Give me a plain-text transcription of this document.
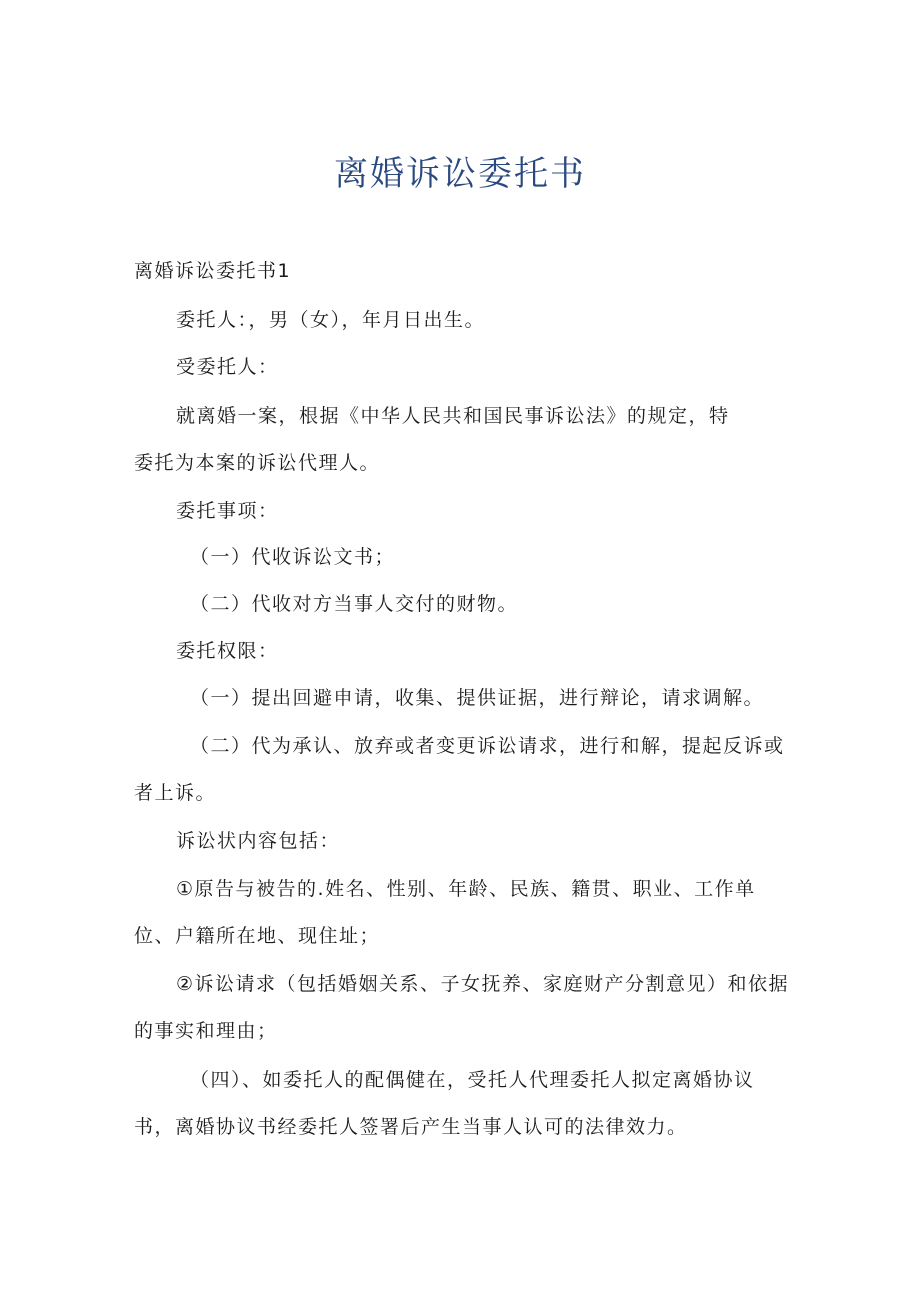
离婚诉讼委托书
离婚诉讼委托书1
委托人：，男（女），年月日出生。
受委托人：
就离婚一案，根据《中华人民共和国民事诉讼法》的规定，特
委托为本案的诉讼代理人。
委托事项：
（一）代收诉讼文书；
（二）代收对方当事人交付的财物。
委托权限：
（一）提出回避申请，收集、提供证据，进行辩论，请求调解。
（二）代为承认、放弃或者变更诉讼请求，进行和解，提起反诉或
者上诉。
诉讼状内容包括：
①原告与被告的.姓名、性别、年龄、民族、籍贯、职业、工作单
位、户籍所在地、现住址；
②诉讼请求（包括婚姻关系、子女抚养、家庭财产分割意见）和依据
的事实和理由；
（四）、如委托人的配偶健在，受托人代理委托人拟定离婚协议
书，离婚协议书经委托人签署后产生当事人认可的法律效力。
